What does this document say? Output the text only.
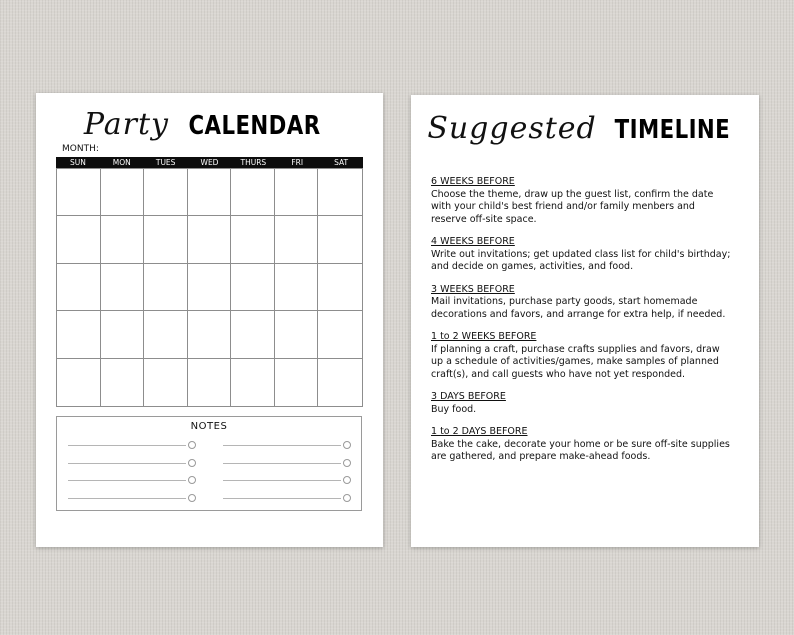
Party CALENDAR
MONTH:
SUN	MON	TUES	WED	THURS	FRI	SAT
NOTES
Suggested TIMELINE
6 WEEKS BEFORE
Choose the theme, draw up the guest list, confirm the date
with your child's best friend and/or family menbers and
reserve off-site space.
4 WEEKS BEFORE
Write out invitations; get updated class list for child's birthday;
and decide on games, activities, and food.
3 WEEKS BEFORE
Mail invitations, purchase party goods, start homemade
decorations and favors, and arrange for extra help, if needed.
1 to 2 WEEKS BEFORE
If planning a craft, purchase crafts supplies and favors, draw
up a schedule of activities/games, make samples of planned
craft(s), and call guests who have not yet responded.
3 DAYS BEFORE
Buy food.
1 to 2 DAYS BEFORE
Bake the cake, decorate your home or be sure off-site supplies
are gathered, and prepare make-ahead foods.
